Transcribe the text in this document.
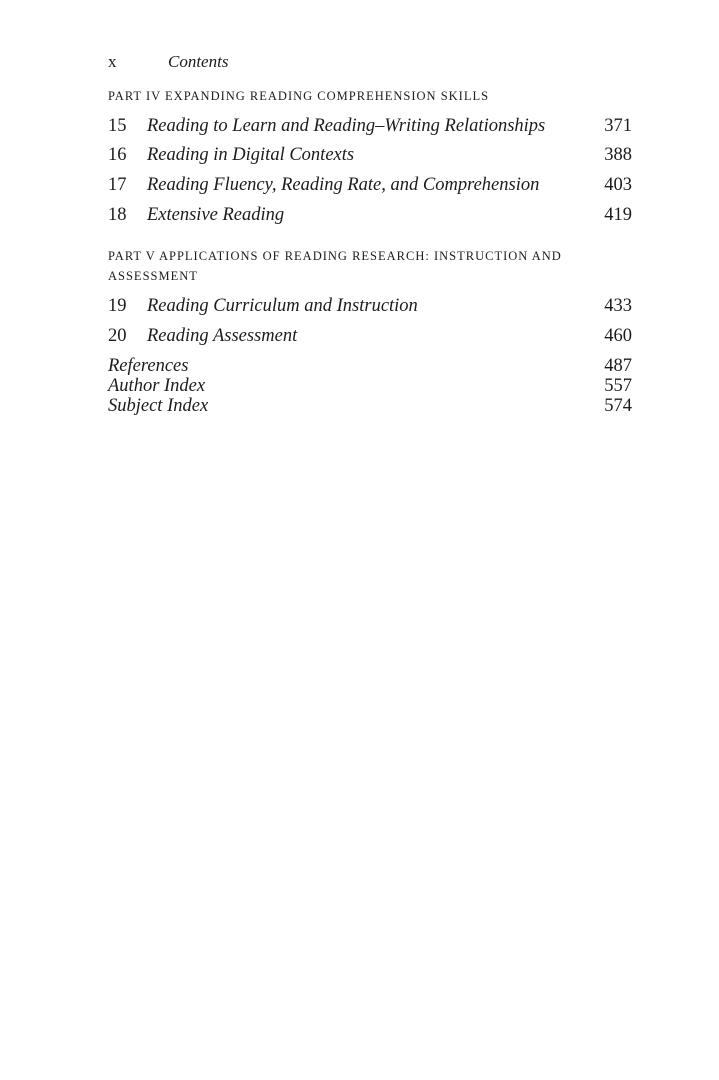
x	Contents
PART IV EXPANDING READING COMPREHENSION SKILLS
15 Reading to Learn and Reading–Writing Relationships	371
16 Reading in Digital Contexts	388
17 Reading Fluency, Reading Rate, and Comprehension	403
18 Extensive Reading	419
PART V APPLICATIONS OF READING RESEARCH: INSTRUCTION AND ASSESSMENT
19 Reading Curriculum and Instruction	433
20 Reading Assessment	460
References	487
Author Index	557
Subject Index	574
